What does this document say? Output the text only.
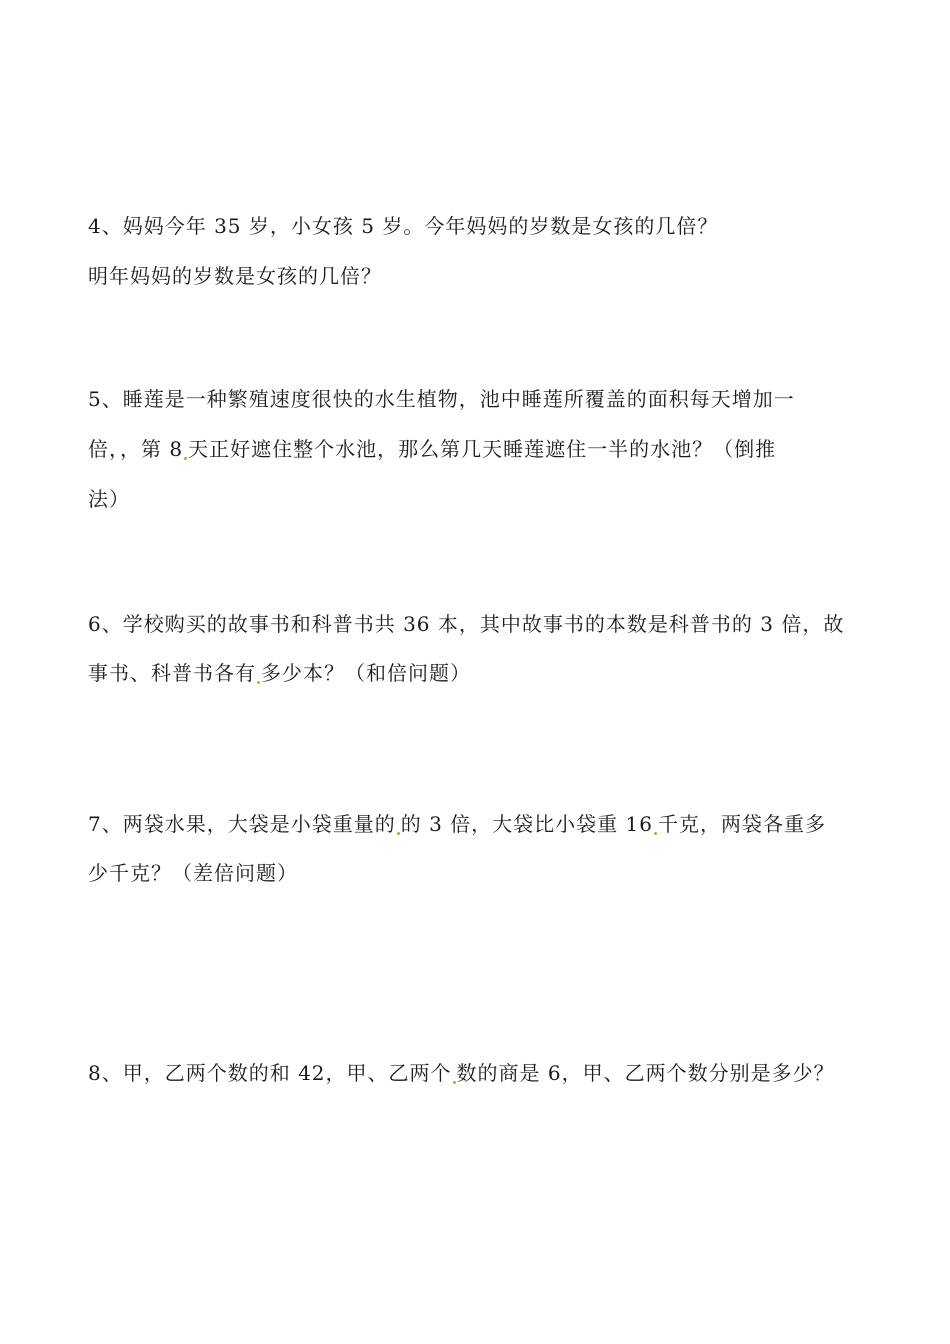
4、妈妈今年 35 岁，小女孩 5 岁。今年妈妈的岁数是女孩的几倍？
明年妈妈的岁数是女孩的几倍？
5、睡莲是一种繁殖速度很快的水生植物，池中睡莲所覆盖的面积每天增加一
倍，，第 8 天正好遮住整个水池，那么第几天睡莲遮住一半的水池？（倒推
法）
6、学校购买的故事书和科普书共 36 本，其中故事书的本数是科普书的 3 倍，故
事书、科普书各有 多少本？（和倍问题）
7、两袋水果，大袋是小袋重量的 的 3 倍，大袋比小袋重 16 千克，两袋各重多
少千克？（差倍问题）
8、甲，乙两个数的和 42，甲、乙两个 数的商是 6，甲、乙两个数分别是多少？
